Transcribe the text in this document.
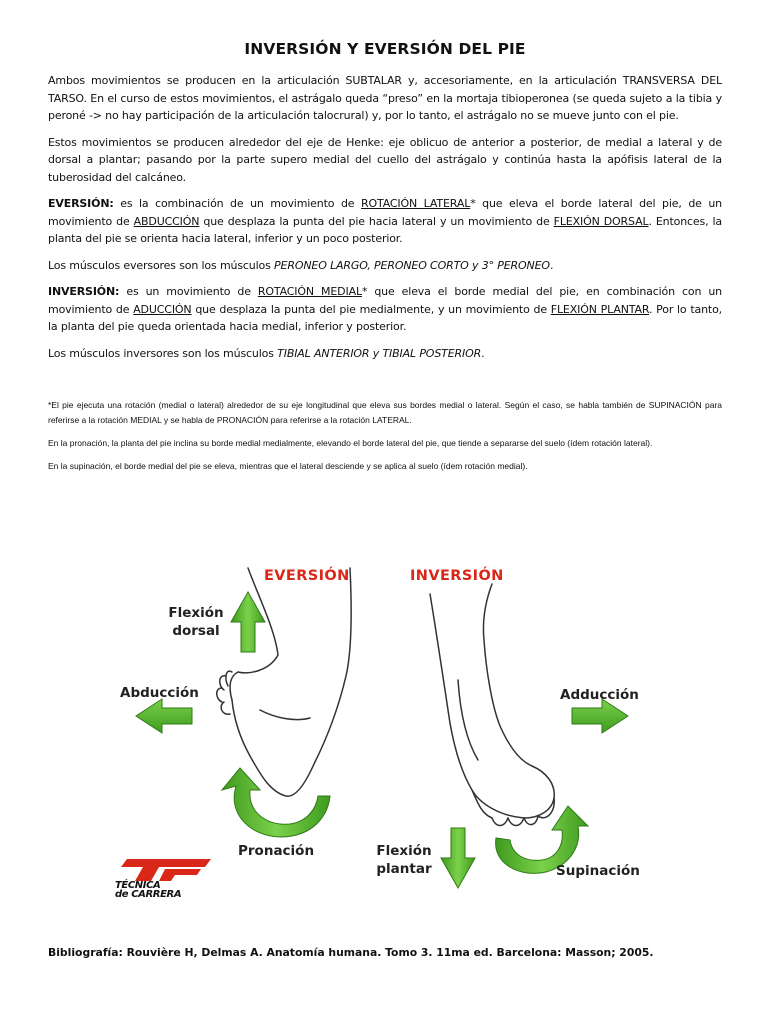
INVERSIÓN Y EVERSIÓN DEL PIE

Ambos movimientos se producen en la articulación SUBTALAR y, accesoriamente, en la articulación TRANSVERSA DEL TARSO. En el curso de estos movimientos, el astrágalo queda “preso” en la mortaja tibioperonea (se queda sujeto a la tibia y peroné -> no hay participación de la articulación talocrural) y, por lo tanto, el astrágalo no se mueve junto con el pie.

Estos movimientos se producen alrededor del eje de Henke: eje oblicuo de anterior a posterior, de medial a lateral y de dorsal a plantar; pasando por la parte supero medial del cuello del astrágalo y continúa hasta la apófisis lateral de la tuberosidad del calcáneo.

EVERSIÓN: es la combinación de un movimiento de ROTACIÓN LATERAL* que eleva el borde lateral del pie, de un movimiento de ABDUCCIÓN que desplaza la punta del pie hacia lateral y un movimiento de FLEXIÓN DORSAL. Entonces, la planta del pie se orienta hacia lateral, inferior y un poco posterior.

Los músculos eversores son los músculos PERONEO LARGO, PERONEO CORTO y 3° PERONEO.

INVERSIÓN: es un movimiento de ROTACIÓN MEDIAL* que eleva el borde medial del pie, en combinación con un movimiento de ADUCCIÓN que desplaza la punta del pie medialmente, y un movimiento de FLEXIÓN PLANTAR. Por lo tanto, la planta del pie queda orientada hacia medial, inferior y posterior.

Los músculos inversores son los músculos TIBIAL ANTERIOR y TIBIAL POSTERIOR.

*El pie ejecuta una rotación (medial o lateral) alrededor de su eje longitudinal que eleva sus bordes medial o lateral. Según el caso, se habla también de SUPINACIÓN para referirse a la rotación MEDIAL y se habla de PRONACIÓN para referirse a la rotación LATERAL.

En la pronación, la planta del pie inclina su borde medial medialmente, elevando el borde lateral del pie, que tiende a separarse del suelo (ídem rotación lateral).

En la supinación, el borde medial del pie se eleva, mientras que el lateral desciende y se aplica al suelo (ídem rotación medial).

EVERSIÓN	INVERSIÓN
Flexión
dorsal
Abducción
Pronación	Flexión
plantar
Adducción
Supinación
TÉCNICA
de CARRERA
Bibliografía: Rouvière H, Delmas A. Anatomía humana. Tomo 3. 11ma ed. Barcelona: Masson; 2005.
